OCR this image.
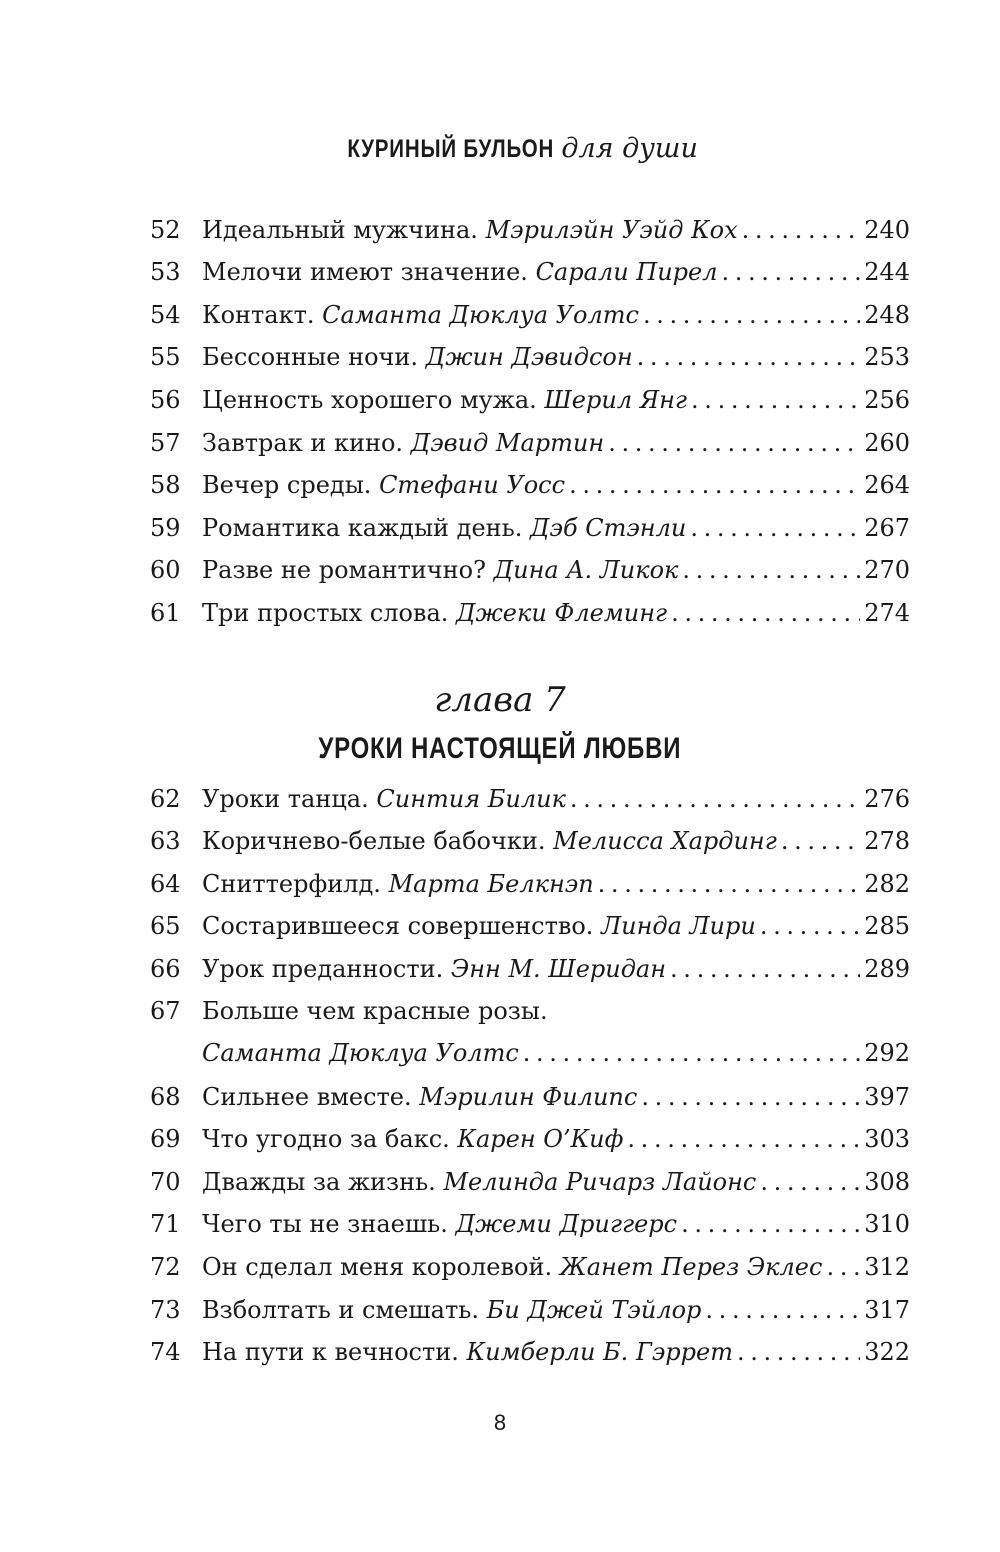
КУРИНЫЙ БУЛЬОН для души
52 Идеальный мужчина. Мэрилэйн Уэйд Кох . . .	240
53 Мелочи имеют значение. Сарали Пирел . . .	244
54 Контакт. Саманта Дюклуа Уолтс . . .	248
55 Бессонные ночи. Джин Дэвидсон . . .	253
56 Ценность хорошего мужа. Шерил Янг . . .	256
57 Завтрак и кино. Дэвид Мартин . . .	260
58 Вечер среды. Стефани Уосс . . .	264
59 Романтика каждый день. Дэб Стэнли . . .	267
60 Разве не романтично? Дина А. Ликок . . .	270
61 Три простых слова. Джеки Флеминг . . .	274
глава 7
УРОКИ НАСТОЯЩЕЙ ЛЮБВИ
62 Уроки танца. Синтия Билик . . .	276
63 Коричнево-белые бабочки. Мелисса Хардинг . . .	278
64 Сниттерфилд. Марта Белкнэп . . .	282
65 Состарившееся совершенство. Линда Лири . . .	285
66 Урок преданности. Энн М. Шеридан . . .	289
67 Больше чем красные розы.
Саманта Дюклуа Уолтс . . .	292
68 Сильнее вместе. Мэрилин Филипс . . .	397
69 Что угодно за бакс. Карен О’Киф . . .	303
70 Дважды за жизнь. Мелинда Ричарз Лайонс . . .	308
71 Чего ты не знаешь. Джеми Дриггерс . . .	310
72 Он сделал меня королевой. Жанет Перез Эклес . . . 312
73 Взболтать и смешать. Би Джей Тэйлор . . .	317
74 На пути к вечности. Кимберли Б. Гэррет . . .	322
8
